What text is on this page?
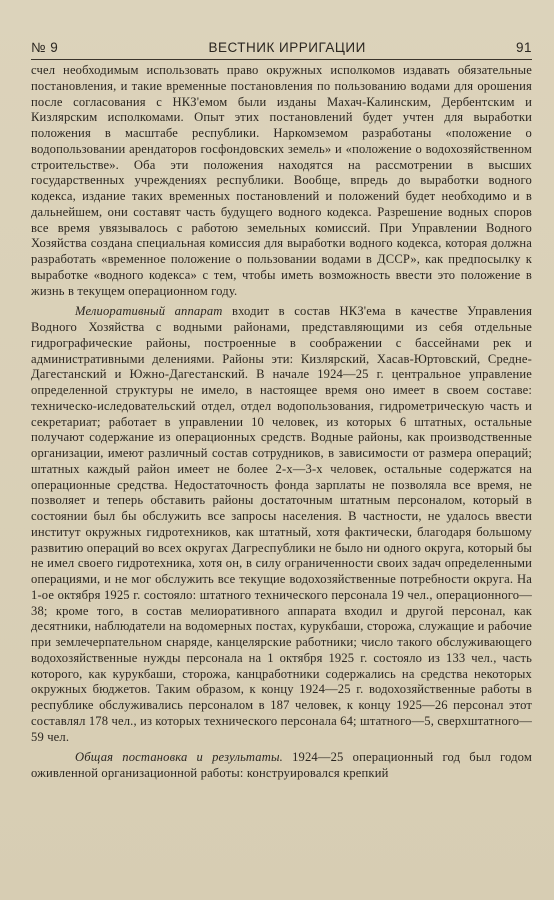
№ 9	ВЕСТНИК ИРРИГАЦИИ	91

счел необходимым использовать право окружных исполкомов издавать обязательные постановления, и такие временные постановления по пользованию водами для орошения после согласования с НКЗ'емом были изданы Махач-Калинским, Дербентским и Кизлярским исполкомами. Опыт этих постановлений будет учтен для выработки положения в масштабе республики. Наркомземом разработаны «положение о водопользовании арендаторов госфондовских земель» и «положение о водохозяйственном строительстве». Оба эти положения находятся на рассмотрении в высших государственных учреждениях республики. Вообще, впредь до выработки водного кодекса, издание таких временных постановлений и положений будет необходимо и в дальнейшем, они составят часть будущего водного кодекса. Разрешение водных споров все время увязывалось с работою земельных комиссий. При Управлении Водного Хозяйства создана специальная комиссия для выработки водного кодекса, которая должна разработать «временное положение о пользовании водами в ДССР», как предпосылку к выработке «водного кодекса» с тем, чтобы иметь возможность ввести это положение в жизнь в текущем операционном году.

Мелиоративный аппарат входит в состав НКЗ'ема в качестве Управления Водного Хозяйства с водными районами, представляющими из себя отдельные гидрографические районы, построенные в соображении с бассейнами рек и административными делениями. Районы эти: Кизлярский, Хасав-Юртовский, Средне-Дагестанский и Южно-Дагестанский. В начале 1924—25 г. центральное управление определенной структуры не имело, в настоящее время оно имеет в своем составе: техническо-иследовательский отдел, отдел водопользования, гидрометрическую часть и секретариат; работает в управлении 10 человек, из которых 6 штатных, остальные получают содержание из операционных средств. Водные районы, как производственные организации, имеют различный состав сотрудников, в зависимости от размера операций; штатных каждый район имеет не более 2-х—3-х человек, остальные содержатся на операционные средства. Недостаточность фонда зарплаты не позволяла все время, не позволяет и теперь обставить районы достаточным штатным персоналом, который в состоянии был бы обслужить все запросы населения. В частности, не удалось ввести институт окружных гидротехников, как штатный, хотя фактически, благодаря большому развитию операций во всех округах Дагреспублики не было ни одного округа, который бы не имел своего гидротехника, хотя он, в силу ограниченности своих задач определенными операциями, и не мог обслужить все текущие водохозяйственные потребности округа. На 1-ое октября 1925 г. состояло: штатного технического персонала 19 чел., операционного—38; кроме того, в состав мелиоративного аппарата входил и другой персонал, как десятники, наблюдатели на водомерных постах, курукбаши, сторожа, служащие и рабочие при землечерпательном снаряде, канцелярские работники; число такого обслуживающего водохозяйственные нужды персонала на 1 октября 1925 г. состояло из 133 чел., часть которого, как курукбаши, сторожа, канцработники содержались на средства некоторых окружных бюджетов. Таким образом, к концу 1924—25 г. водохозяйственные работы в республике обслуживались персоналом в 187 человек, к концу 1925—26 персонал этот составлял 178 чел., из которых технического персонала 64; штатного—5, сверхштатного—59 чел.

Общая постановка и результаты. 1924—25 операционный год был годом оживленной организационной работы: конструировался крепкий
